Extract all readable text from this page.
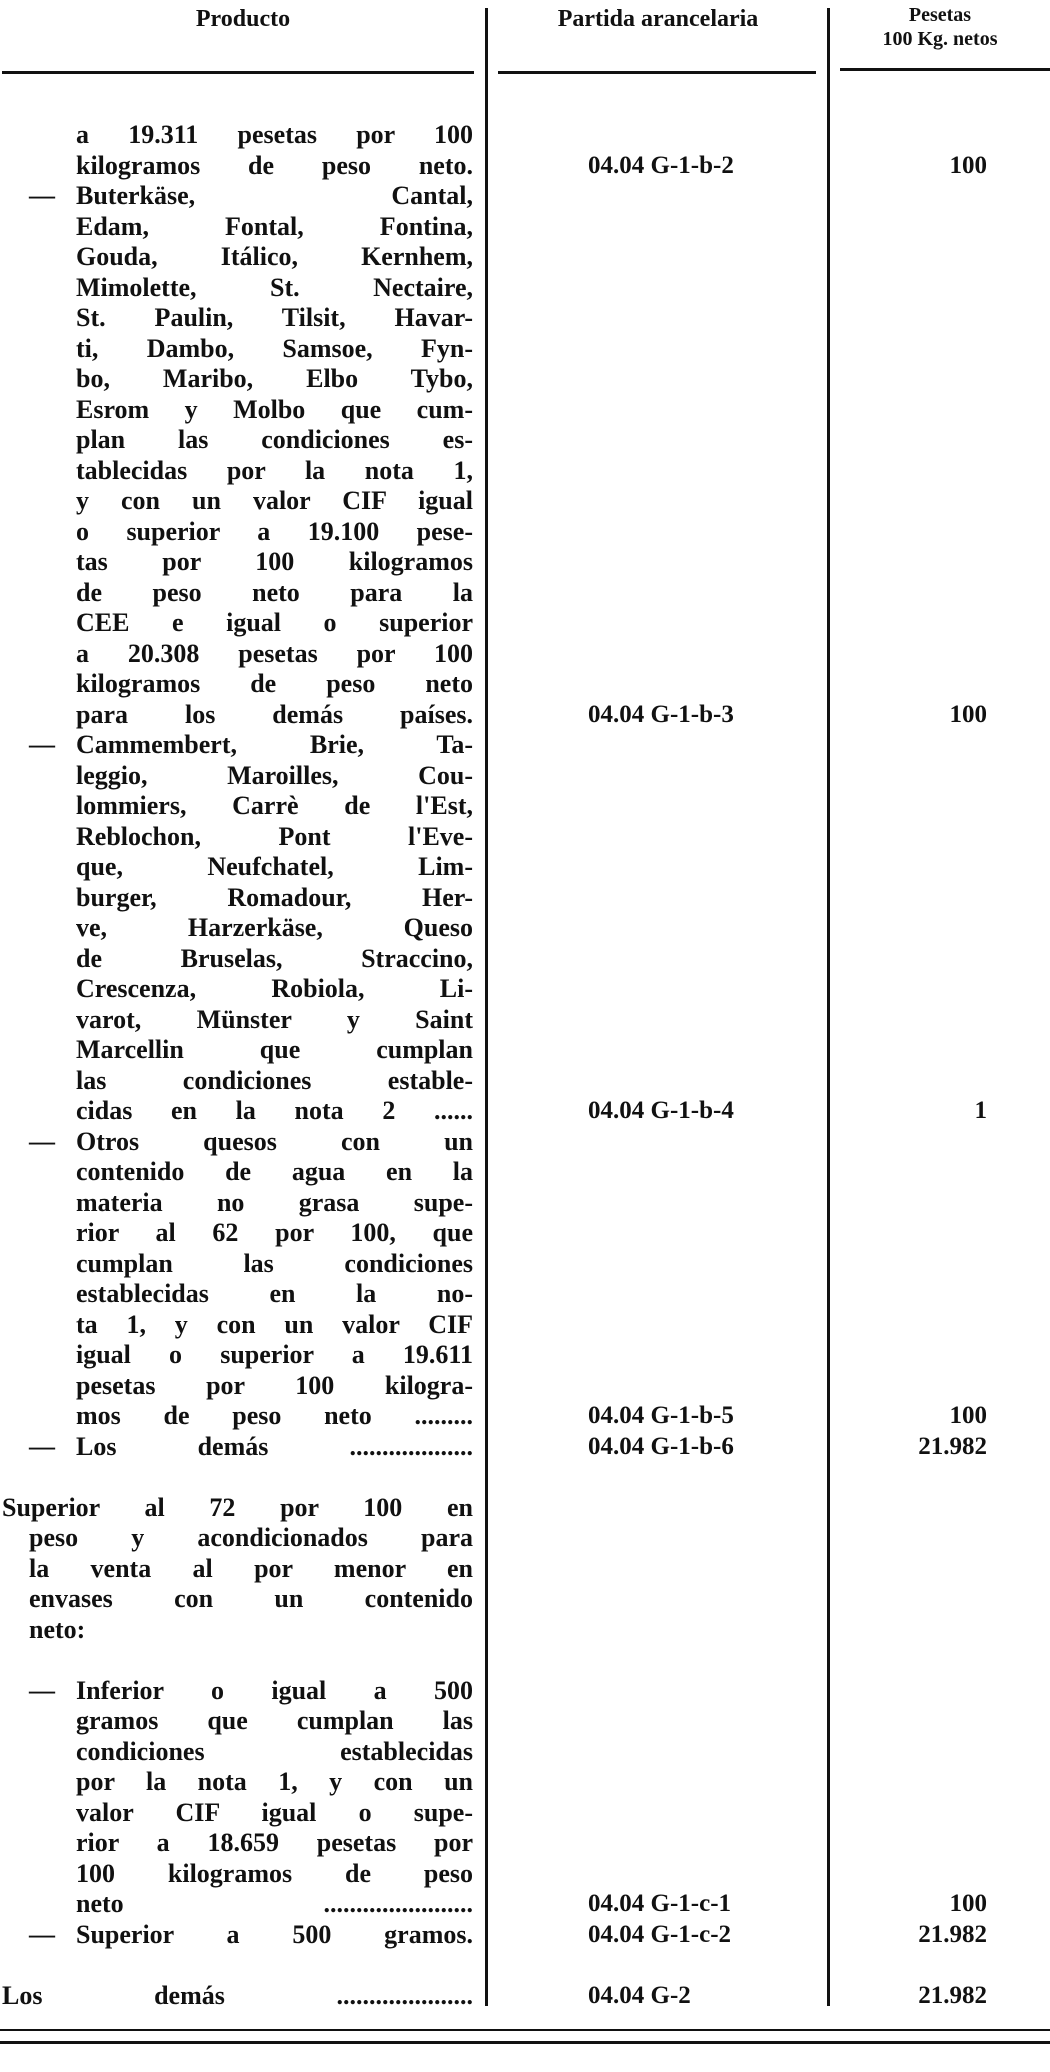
Producto	Partida arancelaria	Pesetas
100 Kg. netos
a 19.311 pesetas por 100
kilogramos de peso neto.	04.04 G-1-b-2	100
— Buterkäse, Cantal,
Edam, Fontal, Fontina,
Gouda, Itálico, Kernhem,
Mimolette, St. Nectaire,
St. Paulin, Tilsit, Havar-
ti, Dambo, Samsoe, Fyn-
bo, Maribo, Elbo Tybo,
Esrom y Molbo que cum-
plan las condiciones es-
tablecidas por la nota 1,
y con un valor CIF igual
o superior a 19.100 pese-
tas por 100 kilogramos
de peso neto para la
CEE e igual o superior
a 20.308 pesetas por 100
kilogramos de peso neto
para los demás países.	04.04 G-1-b-3	100
— Cammembert, Brie, Ta-
leggio, Maroilles, Cou-
lommiers, Carrè de l'Est,
Reblochon, Pont l'Eve-
que, Neufchatel, Lim-
burger, Romadour, Her-
ve, Harzerkäse, Queso
de Bruselas, Straccino,
Crescenza, Robiola, Li-
varot, Münster y Saint
Marcellin que cumplan
las condiciones estable-
cidas en la nota 2 ......	04.04 G-1-b-4	1
— Otros quesos con un
contenido de agua en la
materia no grasa supe-
rior al 62 por 100, que
cumplan las condiciones
establecidas en la no-
ta 1, y con un valor CIF
igual o superior a 19.611
pesetas por 100 kilogra-
mos de peso neto .........	04.04 G-1-b-5	100
— Los demás ...................	04.04 G-1-b-6	21.982
Superior al 72 por 100 en
peso y acondicionados para
la venta al por menor en
envases con un contenido
neto:
— Inferior o igual a 500
gramos que cumplan las
condiciones establecidas
por la nota 1, y con un
valor CIF igual o supe-
rior a 18.659 pesetas por
100 kilogramos de peso
neto .......................	04.04 G-1-c-1	100
— Superior a 500 gramos.	04.04 G-1-c-2	21.982
Los demás .....................	04.04 G-2	21.982
